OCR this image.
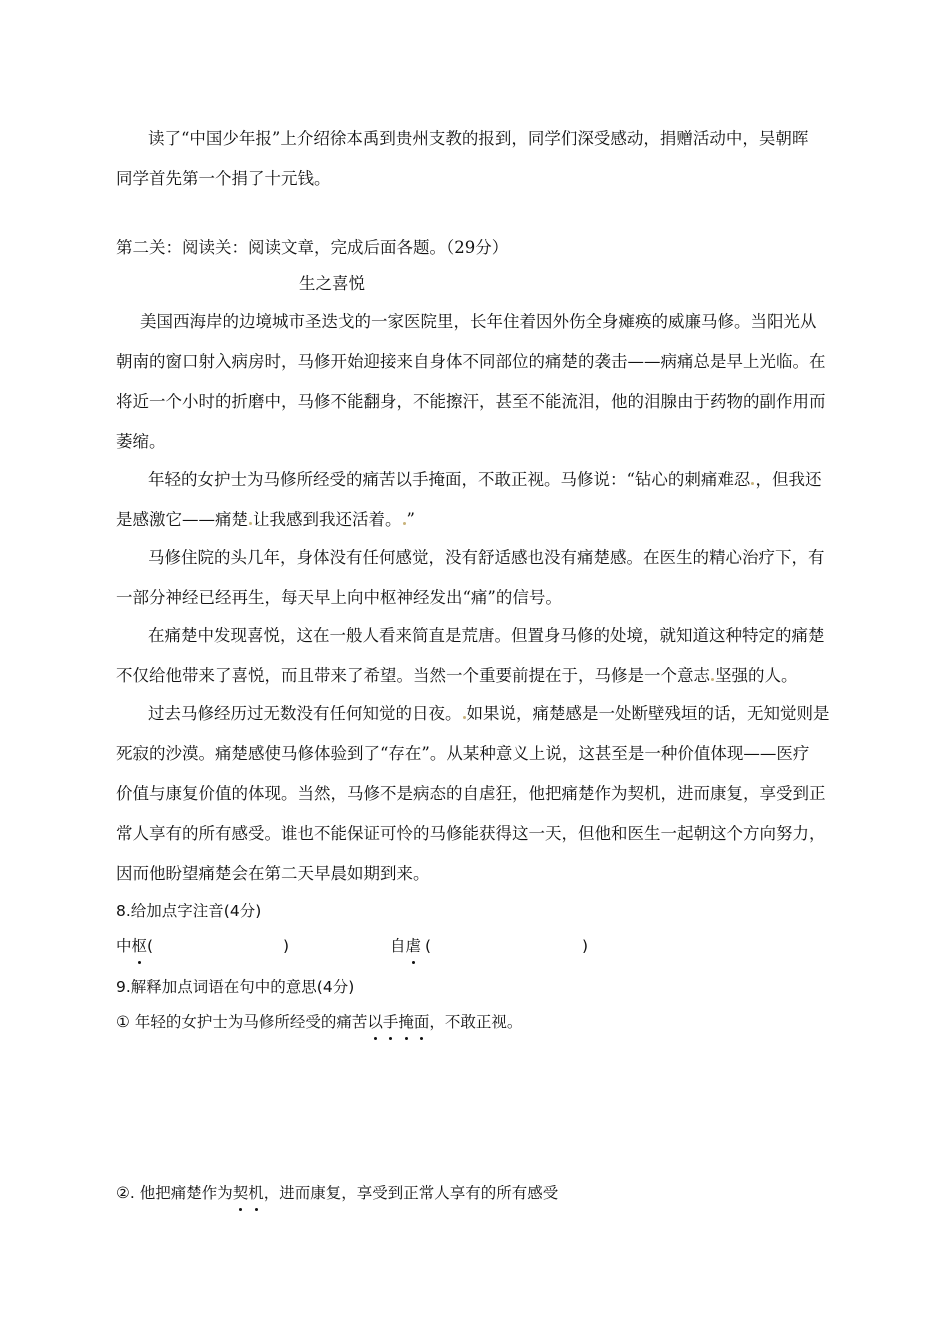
读了“中国少年报”上介绍徐本禹到贵州支教的报到，同学们深受感动，捐赠活动中，吴朝晖
同学首先第一个捐了十元钱。
第二关：阅读关：阅读文章，完成后面各题。（29分）
生之喜悦
美国西海岸的边境城市圣迭戈的一家医院里，长年住着因外伤全身瘫痪的威廉马修。当阳光从
朝南的窗口射入病房时，马修开始迎接来自身体不同部位的痛楚的袭击——病痛总是早上光临。在
将近一个小时的折磨中，马修不能翻身，不能擦汗，甚至不能流泪，他的泪腺由于药物的副作用而
萎缩。
年轻的女护士为马修所经受的痛苦以手掩面，不敢正视。马修说：“钻心的刺痛难忍 ，但我还
是感激它——痛楚 让我感到我还活着。 ”
马修住院的头几年，身体没有任何感觉，没有舒适感也没有痛楚感。在医生的精心治疗下，有
一部分神经已经再生，每天早上向中枢神经发出“痛”的信号。
在痛楚中发现喜悦，这在一般人看来简直是荒唐。但置身马修的处境，就知道这种特定的痛楚
不仅给他带来了喜悦，而且带来了希望。当然一个重要前提在于，马修是一个意志 坚强的人。
过去马修经历过无数没有任何知觉的日夜。 如果说，痛楚感是一处断壁残垣的话，无知觉则是
死寂的沙漠。痛楚感使马修体验到了“存在”。从某种意义上说，这甚至是一种价值体现——医疗
价值与康复价值的体现。当然，马修不是病态的自虐狂，他把痛楚作为契机，进而康复，享受到正
常人享有的所有感受。谁也不能保证可怜的马修能获得这一天，但他和医生一起朝这个方向努力，
因而他盼望痛楚会在第二天早晨如期到来。
8.给加点字注音(4分)
中枢(	)	自虐 (	)
9.解释加点词语在句中的意思(4分)
① 年轻的女护士为马修所经受的痛苦以手掩面，不敢正视。
②. 他把痛楚作为契机，进而康复，享受到正常人享有的所有感受
